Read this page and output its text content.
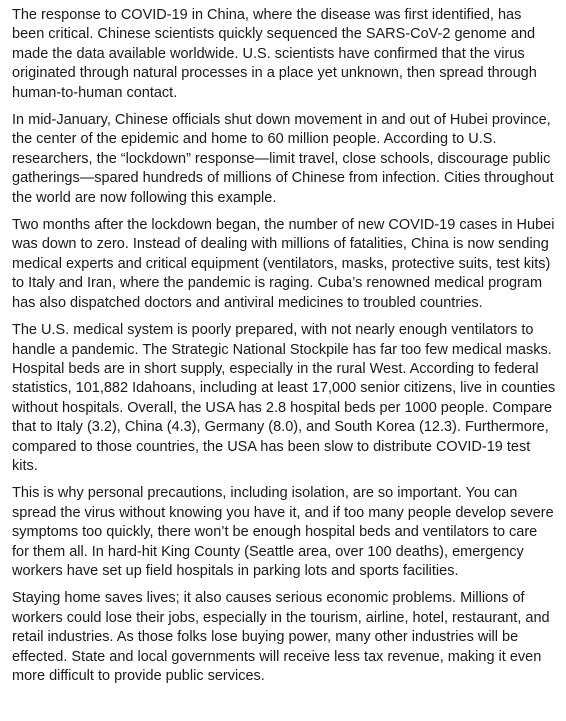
The response to COVID-19 in China, where the disease was first identified, has been critical. Chinese scientists quickly sequenced the SARS-CoV-2 genome and made the data available worldwide. U.S. scientists have confirmed that the virus originated through natural processes in a place yet unknown, then spread through human-to-human contact.

In mid-January, Chinese officials shut down movement in and out of Hubei province, the center of the epidemic and home to 60 million people. According to U.S. researchers, the “lockdown” response—limit travel, close schools, discourage public gatherings—spared hundreds of millions of Chinese from infection. Cities throughout the world are now following this example.

Two months after the lockdown began, the number of new COVID-19 cases in Hubei was down to zero. Instead of dealing with millions of fatalities, China is now sending medical experts and critical equipment (ventilators, masks, protective suits, test kits) to Italy and Iran, where the pandemic is raging. Cuba’s renowned medical program has also dispatched doctors and antiviral medicines to troubled countries.

The U.S. medical system is poorly prepared, with not nearly enough ventilators to handle a pandemic. The Strategic National Stockpile has far too few medical masks. Hospital beds are in short supply, especially in the rural West. According to federal statistics, 101,882 Idahoans, including at least 17,000 senior citizens, live in counties without hospitals. Overall, the USA has 2.8 hospital beds per 1000 people. Compare that to Italy (3.2), China (4.3), Germany (8.0), and South Korea (12.3). Furthermore, compared to those countries, the USA has been slow to distribute COVID-19 test kits.

This is why personal precautions, including isolation, are so important. You can spread the virus without knowing you have it, and if too many people develop severe symptoms too quickly, there won’t be enough hospital beds and ventilators to care for them all. In hard-hit King County (Seattle area, over 100 deaths), emergency workers have set up field hospitals in parking lots and sports facilities.

Staying home saves lives; it also causes serious economic problems. Millions of workers could lose their jobs, especially in the tourism, airline, hotel, restaurant, and retail industries. As those folks lose buying power, many other industries will be effected. State and local governments will receive less tax revenue, making it even more difficult to provide public services.
